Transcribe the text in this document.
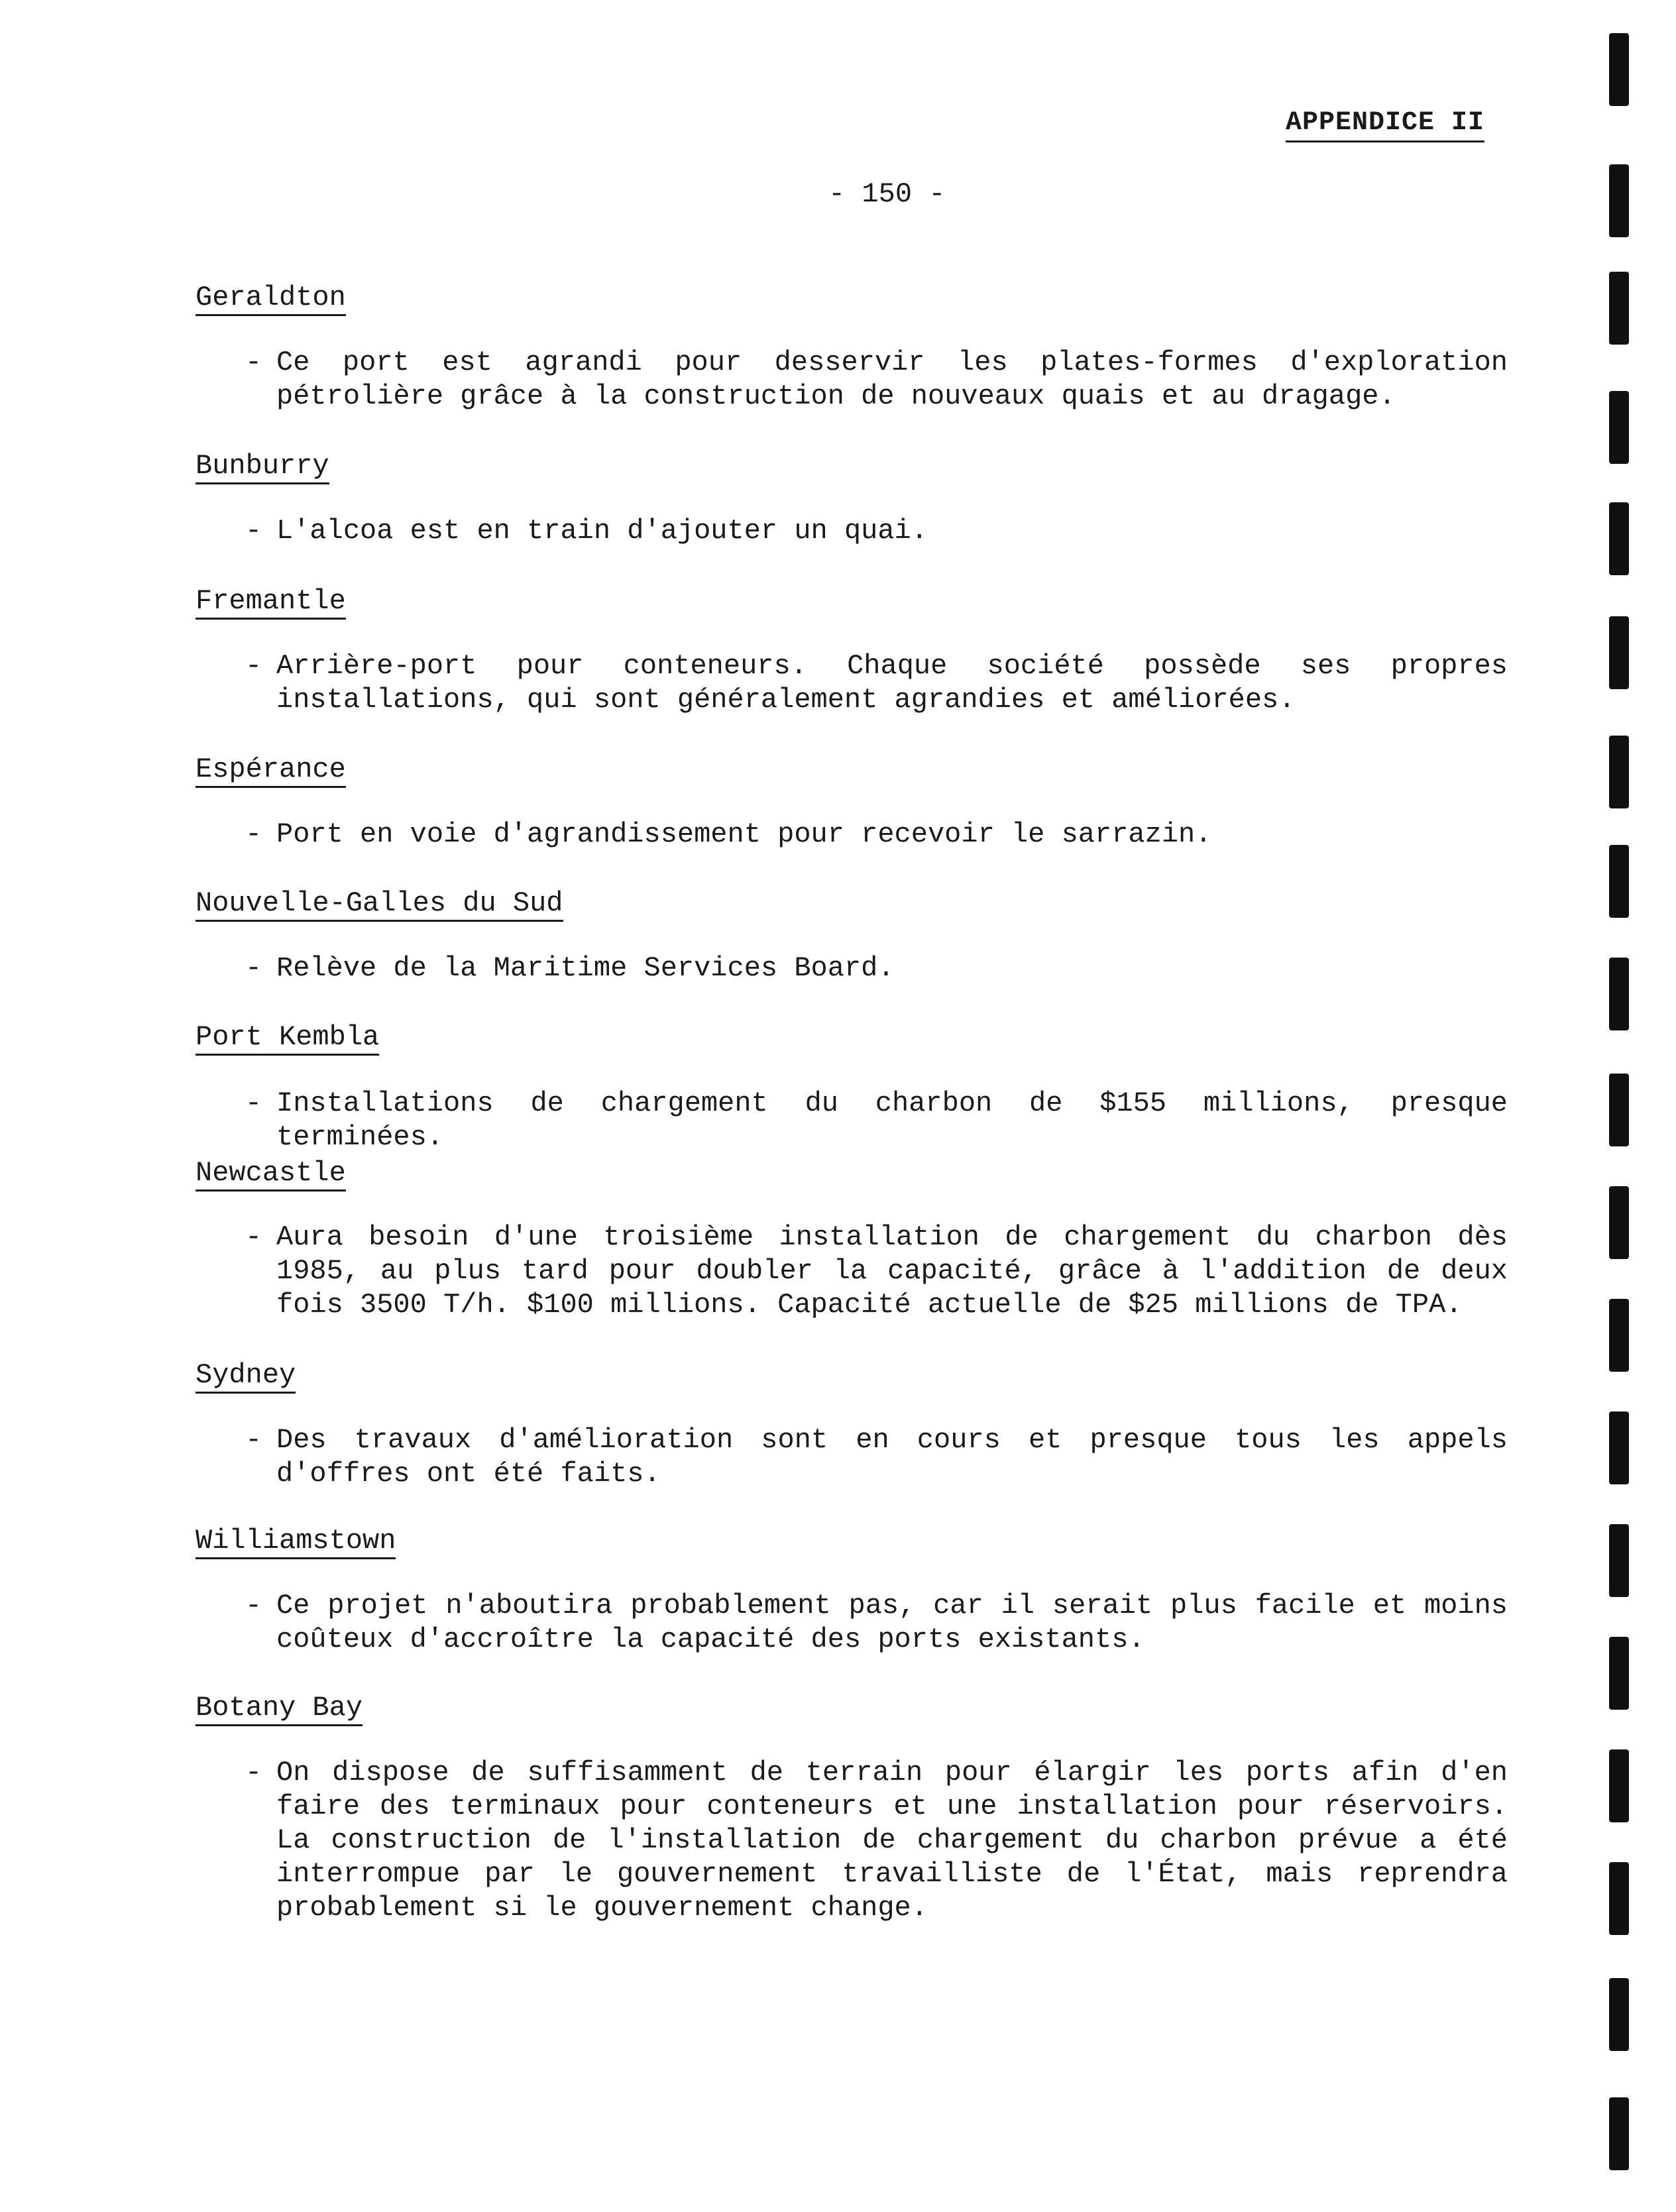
APPENDICE II
- 150 -
Geraldton
- Ce port est agrandi pour desservir les plates-formes d'exploration pétrolière grâce à la construction de nouveaux quais et au dragage.
Bunburry
- L'alcoa est en train d'ajouter un quai.
Fremantle
- Arrière-port pour conteneurs. Chaque société possède ses propres installations, qui sont généralement agrandies et améliorées.
Espérance
- Port en voie d'agrandissement pour recevoir le sarrazin.
Nouvelle-Galles du Sud
- Relève de la Maritime Services Board.
Port Kembla
- Installations de chargement du charbon de $155 millions, presque terminées.
Newcastle
- Aura besoin d'une troisième installation de chargement du charbon dès 1985, au plus tard pour doubler la capacité, grâce à l'addition de deux fois 3500 T/h. $100 millions. Capacité actuelle de $25 millions de TPA.
Sydney
- Des travaux d'amélioration sont en cours et presque tous les appels d'offres ont été faits.
Williamstown
- Ce projet n'aboutira probablement pas, car il serait plus facile et moins coûteux d'accroître la capacité des ports existants.
Botany Bay
- On dispose de suffisamment de terrain pour élargir les ports afin d'en faire des terminaux pour conteneurs et une installation pour réservoirs. La construction de l'installation de chargement du charbon prévue a été interrompue par le gouvernement travailliste de l'État, mais reprendra probablement si le gouvernement change.
